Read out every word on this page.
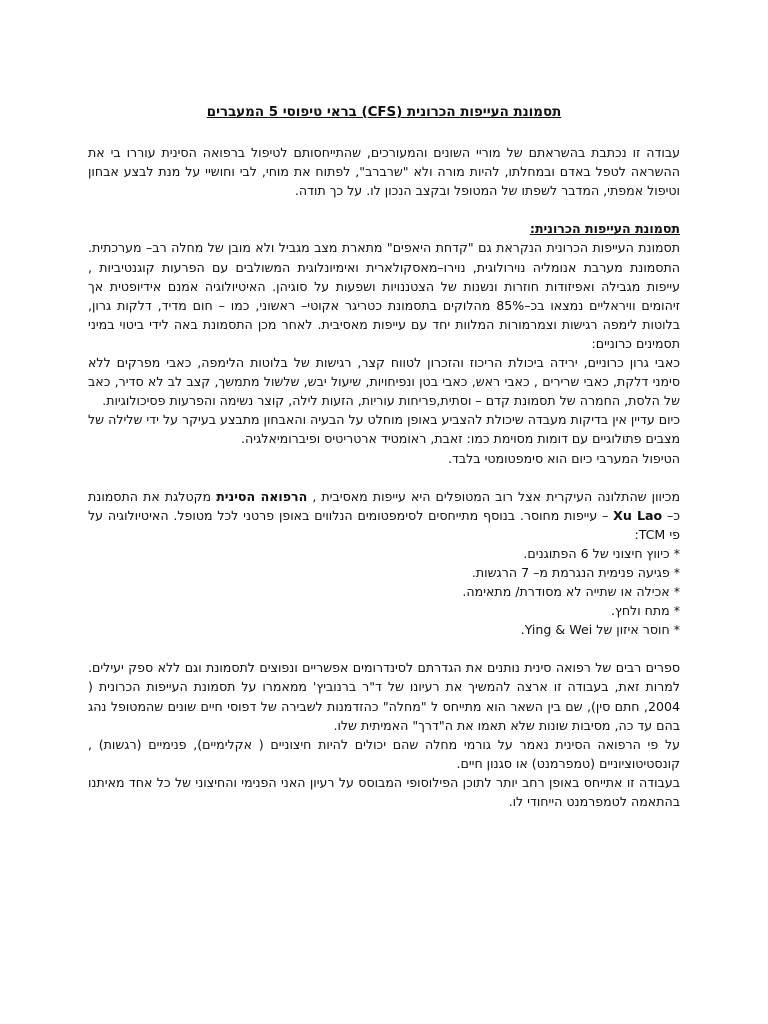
תסמונת העייפות הכרונית (CFS) בראי טיפוסי 5 המעברים

עבודה זו נכתבת בהשראתם של מוריי השונים והמעורכים, שהתייחסותם לטיפול ברפואה הסינית עוררו בי את ההשראה לטפל באדם ובמחלתו, להיות מורה ולא "שרברב", לפתוח את מוחי, לבי וחושיי על מנת לבצע אבחון וטיפול אמפתי, המדבר לשפתו של המטופל ובקצב הנכון לו. על כך תודה.

תסמונת העייפות הכרונית:

תסמונת העייפות הכרונית הנקראת גם "קדחת היאפים" מתארת מצב מגביל ולא מובן של מחלה רב– מערכתית. התסמונת מערבת אנומליה נוירולוגית, נוירו–מאסקולארית ואימיונלוגית המשולבים עם הפרעות קוגנטיביות , עייפות מגבילה ואפיזודות חוזרות ונשנות של הצטננויות ושפעות על סוגיהן. האיטיולוגיה אמנם אידיופטית אך זיהומים וויראליים נמצאו בכ–85% מהלוקים בתסמונת כטריגר אקוטי– ראשוני, כמו – חום מדיד, דלקות גרון, בלוטות לימפה רגישות וצמרמורות המלוות יחד עם עייפות מאסיבית. לאחר מכן התסמונת באה לידי ביטוי במיני תסמינים כרוניים:

כאבי גרון כרוניים, ירידה ביכולת הריכוז והזכרון לטווח קצר, רגישות של בלוטות הלימפה, כאבי מפרקים ללא סימני דלקת, כאבי שרירים , כאבי ראש, כאבי בטן ונפיחויות, שיעול יבש, שלשול מתמשך, קצב לב לא סדיר, כאב של הלסת, החמרה של תסמונת קדם – וסתית,פריחות עוריות, הזעות לילה, קוצר נשימה והפרעות פסיכולוגיות.

כיום עדיין אין בדיקות מעבדה שיכולת להצביע באופן מוחלט על הבעיה והאבחון מתבצע בעיקר על ידי שלילה של מצבים פתולוגיים עם דומות מסוימת כמו: זאבת, ראומטיד ארטריטיס ופיברומיאלגיה.

הטיפול המערבי כיום הוא סימפטומטי בלבד.

מכיוון שהתלונה העיקרית אצל רוב המטופלים היא עייפות מאסיבית , הרפואה הסינית מקטלגת את התסמונת כ– Xu Lao – עייפות מחוסר. בנוסף מתייחסים לסימפטומים הנלווים באופן פרטני לכל מטופל. האיטיולוגיה על פי TCM:

* כיווץ חיצוני של 6 הפתוגנים.
* פגיעה פנימית הנגרמת מ– 7 הרגשות.
* אכילה או שתייה לא מסודרת/ מתאימה.
* מתח ולחץ.
* חוסר איזון של Ying & Wei.

ספרים רבים של רפואה סינית נותנים את הגדרתם לסינדרומים אפשריים ונפוצים לתסמונת וגם ללא ספק יעילים. למרות זאת, בעבודה זו ארצה להמשיך את רעיונו של ד"ר ברנוביץ' ממאמרו על תסמונת העייפות הכרונית ( 2004, חתם סין), שם בין השאר הוא מתייחס ל "מחלה" כהזדמנות לשבירה של דפוסי חיים שונים שהמטופל נהג בהם עד כה, מסיבות שונות שלא תאמו את ה"דרך" האמיתית שלו.

על פי הרפואה הסינית נאמר על גורמי מחלה שהם יכולים להיות חיצוניים ( אקלימיים), פנימיים (רגשות) , קונסטיטוציוניים (טמפרמנט) או סגנון חיים.

בעבודה זו אתייחס באופן רחב יותר לתוכן הפילוסופי המבוסס על רעיון האני הפנימי והחיצוני של כל אחד מאיתנו בהתאמה לטמפרמנט הייחודי לו.
